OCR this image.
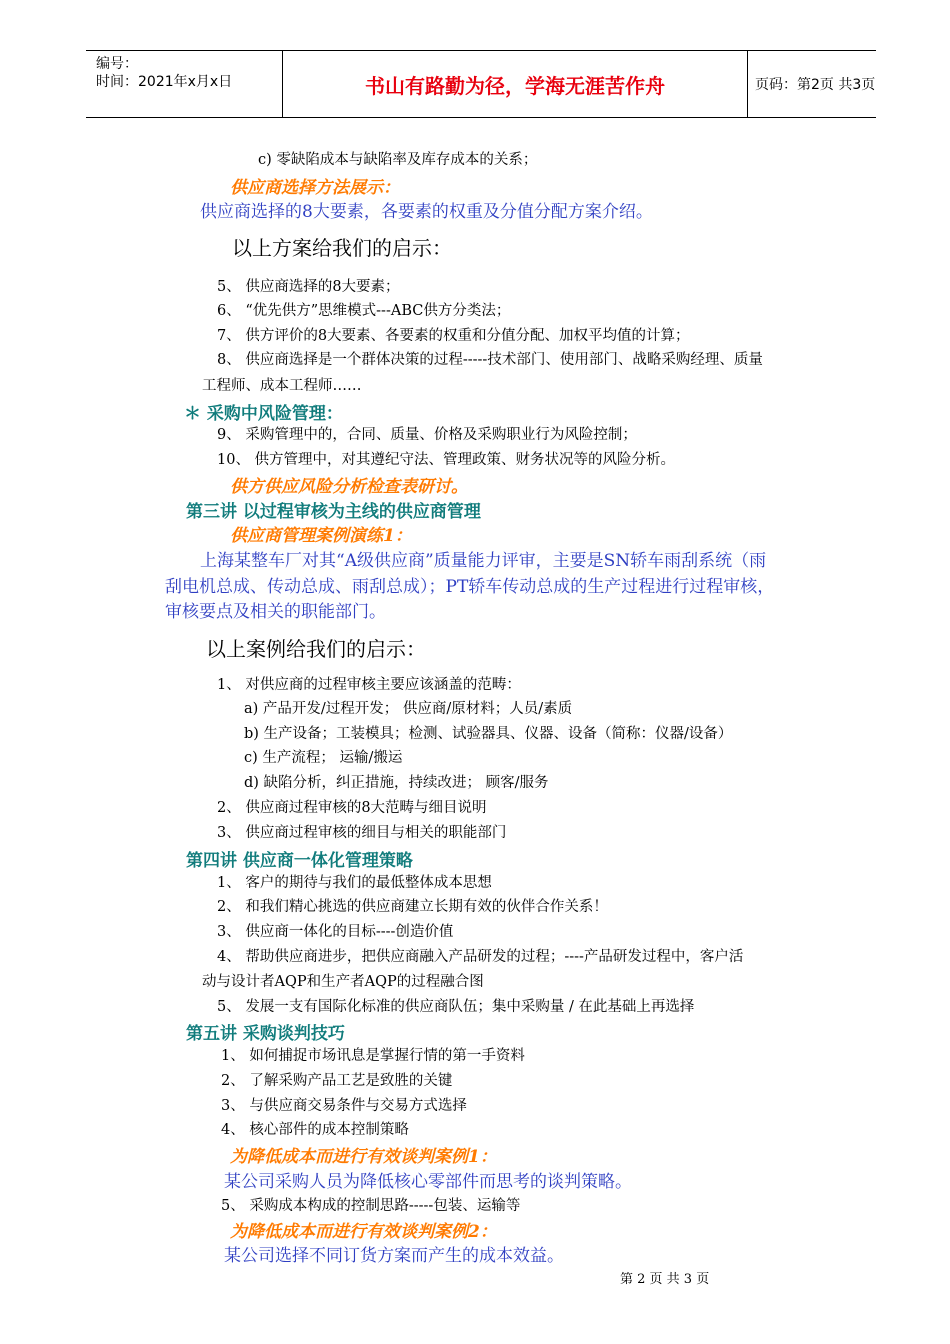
编号：
时间：2021年x月x日	书山有路勤为径，学海无涯苦作舟	页码：第2页 共3页
c) 零缺陷成本与缺陷率及库存成本的关系；
供应商选择方法展示：
供应商选择的8大要素，各要素的权重及分值分配方案介绍。
以上方案给我们的启示：
5、 供应商选择的8大要素；
6、 “优先供方”思维模式---ABC供方分类法；
7、 供方评价的8大要素、各要素的权重和分值分配、加权平均值的计算；
8、 供应商选择是一个群体决策的过程-----技术部门、使用部门、战略采购经理、质量
工程师、成本工程师……
＊ 采购中风险管理：
9、 采购管理中的，合同、质量、价格及采购职业行为风险控制；
10、 供方管理中，对其遵纪守法、管理政策、财务状况等的风险分析。
供方供应风险分析检查表研讨。
第三讲 以过程审核为主线的供应商管理
供应商管理案例演练1：
上海某整车厂对其“A级供应商”质量能力评审，主要是SN轿车雨刮系统（雨
刮电机总成、传动总成、雨刮总成）；PT轿车传动总成的生产过程进行过程审核，
审核要点及相关的职能部门。
以上案例给我们的启示：
1、 对供应商的过程审核主要应该涵盖的范畴：
a) 产品开发/过程开发； 供应商/原材料；人员/素质
b) 生产设备；工装模具；检测、试验器具、仪器、设备（简称：仪器/设备）
c) 生产流程； 运输/搬运
d) 缺陷分析，纠正措施，持续改进； 顾客/服务
2、 供应商过程审核的8大范畴与细目说明
3、 供应商过程审核的细目与相关的职能部门
第四讲 供应商一体化管理策略
1、 客户的期待与我们的最低整体成本思想
2、 和我们精心挑选的供应商建立长期有效的伙伴合作关系！
3、 供应商一体化的目标----创造价值
4、 帮助供应商进步，把供应商融入产品研发的过程；----产品研发过程中，客户活
动与设计者AQP和生产者AQP的过程融合图
5、 发展一支有国际化标准的供应商队伍；集中采购量 / 在此基础上再选择
第五讲 采购谈判技巧
1、 如何捕捉市场讯息是掌握行情的第一手资料
2、 了解采购产品工艺是致胜的关键
3、 与供应商交易条件与交易方式选择
4、 核心部件的成本控制策略
为降低成本而进行有效谈判案例1：
某公司采购人员为降低核心零部件而思考的谈判策略。
5、 采购成本构成的控制思路-----包装、运输等
为降低成本而进行有效谈判案例2：
某公司选择不同订货方案而产生的成本效益。
第 2 页 共 3 页
